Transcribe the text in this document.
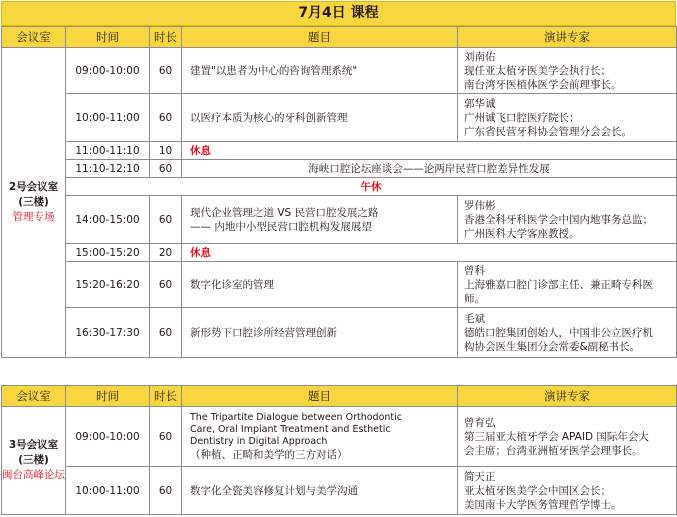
7月4日 课程
会议室	时间	时长	题目	演讲专家

2号会议室
(三楼)
管理专场	09:00-10:00	60	建置"以患者为中心的咨询管理系统"	刘南佑
现任亚太植牙医美学会执行长；
南台湾牙医植体医学会前理事长。

	10:00-11:00	60	以医疗本质为核心的牙科创新管理	郭华诚
广州诚飞口腔医疗院长；
广东省民营牙科协会管理分会会长。

	11:00-11:10	10	休息	
	11:10-12:10	60	海峡口腔论坛座谈会——论两岸民营口腔差异性发展	
	午休			
	14:00-15:00	60	现代企业管理之道 VS 民营口腔发展之路
—— 内地中小型民营口腔机构发展展望	罗伟彬
香港全科牙科医学会中国内地事务总监；
广州医科大学客座教授。

	15:00-15:20	20	休息	
	15:20-16:20	60	数字化诊室的管理	曾科
上海雅嘉口腔门诊部主任、兼正畸专科医
师。

	16:30-17:30	60	新形势下口腔诊所经营管理创新	毛斌
德皓口腔集团创始人，中国非公立医疗机
构协会医生集团分会常委&副秘书长。
会议室	时间	时长	题目	演讲专家

3号会议室
(三楼)
闽台高峰论坛	09:00-10:00	60	The Tripartite Dialogue between Orthodontic
Care, Oral Implant Treatment and Esthetic
Dentistry in Digital Approach
（种植、正畸和美学的三方对话）	曾育弘
第三届亚太植牙学会 APAID 国际年会大
会主席；台湾亚洲植牙医学会理事长。

	10:00-11:00	60	数字化全瓷美容修复计划与美学沟通	简天正
亚太植牙医美学会中国区会长；
美国南卡大学医务管理哲学博士。
